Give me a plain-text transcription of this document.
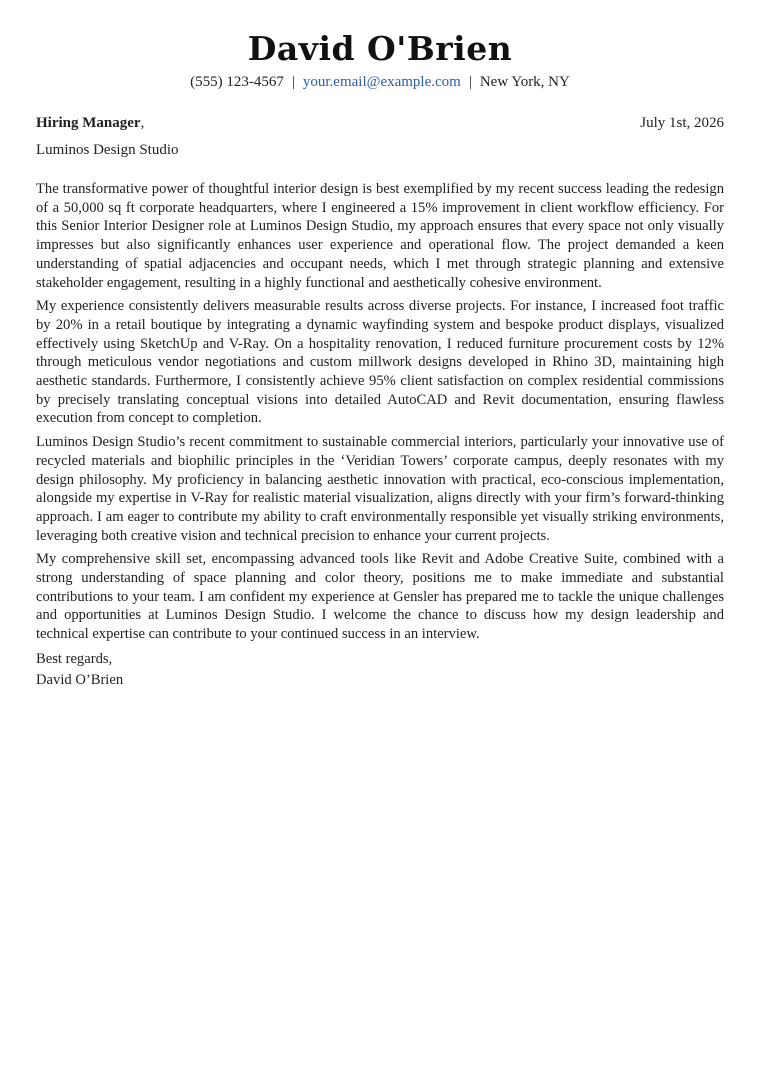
David O'Brien
(555) 123-4567 | your.email@example.com | New York, NY
Hiring Manager,	July 1st, 2026
Luminos Design Studio

The transformative power of thoughtful interior design is best exemplified by my recent success leading the redesign of a 50,000 sq ft corporate headquarters, where I engineered a 15% improvement in client workflow efficiency. For this Senior Interior Designer role at Luminos Design Studio, my approach ensures that every space not only visually impresses but also significantly enhances user experience and operational flow. The project demanded a keen understanding of spatial adjacencies and occupant needs, which I met through strategic planning and extensive stakeholder engagement, resulting in a highly functional and aesthetically cohesive environment.

My experience consistently delivers measurable results across diverse projects. For instance, I increased foot traffic by 20% in a retail boutique by integrating a dynamic wayfinding system and bespoke product displays, visualized effectively using SketchUp and V-Ray. On a hospitality renovation, I reduced furniture procurement costs by 12% through meticulous vendor negotiations and custom millwork designs developed in Rhino 3D, maintaining high aesthetic standards. Furthermore, I consistently achieve 95% client satisfaction on complex residential commissions by precisely translating conceptual visions into detailed AutoCAD and Revit documentation, ensuring flawless execution from concept to completion.

Luminos Design Studio’s recent commitment to sustainable commercial interiors, particularly your innovative use of recycled materials and biophilic principles in the ‘Veridian Towers’ corporate campus, deeply resonates with my design philosophy. My proficiency in balancing aesthetic innovation with practical, eco-conscious implementation, alongside my expertise in V-Ray for realistic material visualization, aligns directly with your firm’s forward-thinking approach. I am eager to contribute my ability to craft environmentally responsible yet visually striking environments, leveraging both creative vision and technical precision to enhance your current projects.

My comprehensive skill set, encompassing advanced tools like Revit and Adobe Creative Suite, combined with a strong understanding of space planning and color theory, positions me to make immediate and substantial contributions to your team. I am confident my experience at Gensler has prepared me to tackle the unique challenges and opportunities at Luminos Design Studio. I welcome the chance to discuss how my design leadership and technical expertise can contribute to your continued success in an interview.

Best regards,
David O’Brien
